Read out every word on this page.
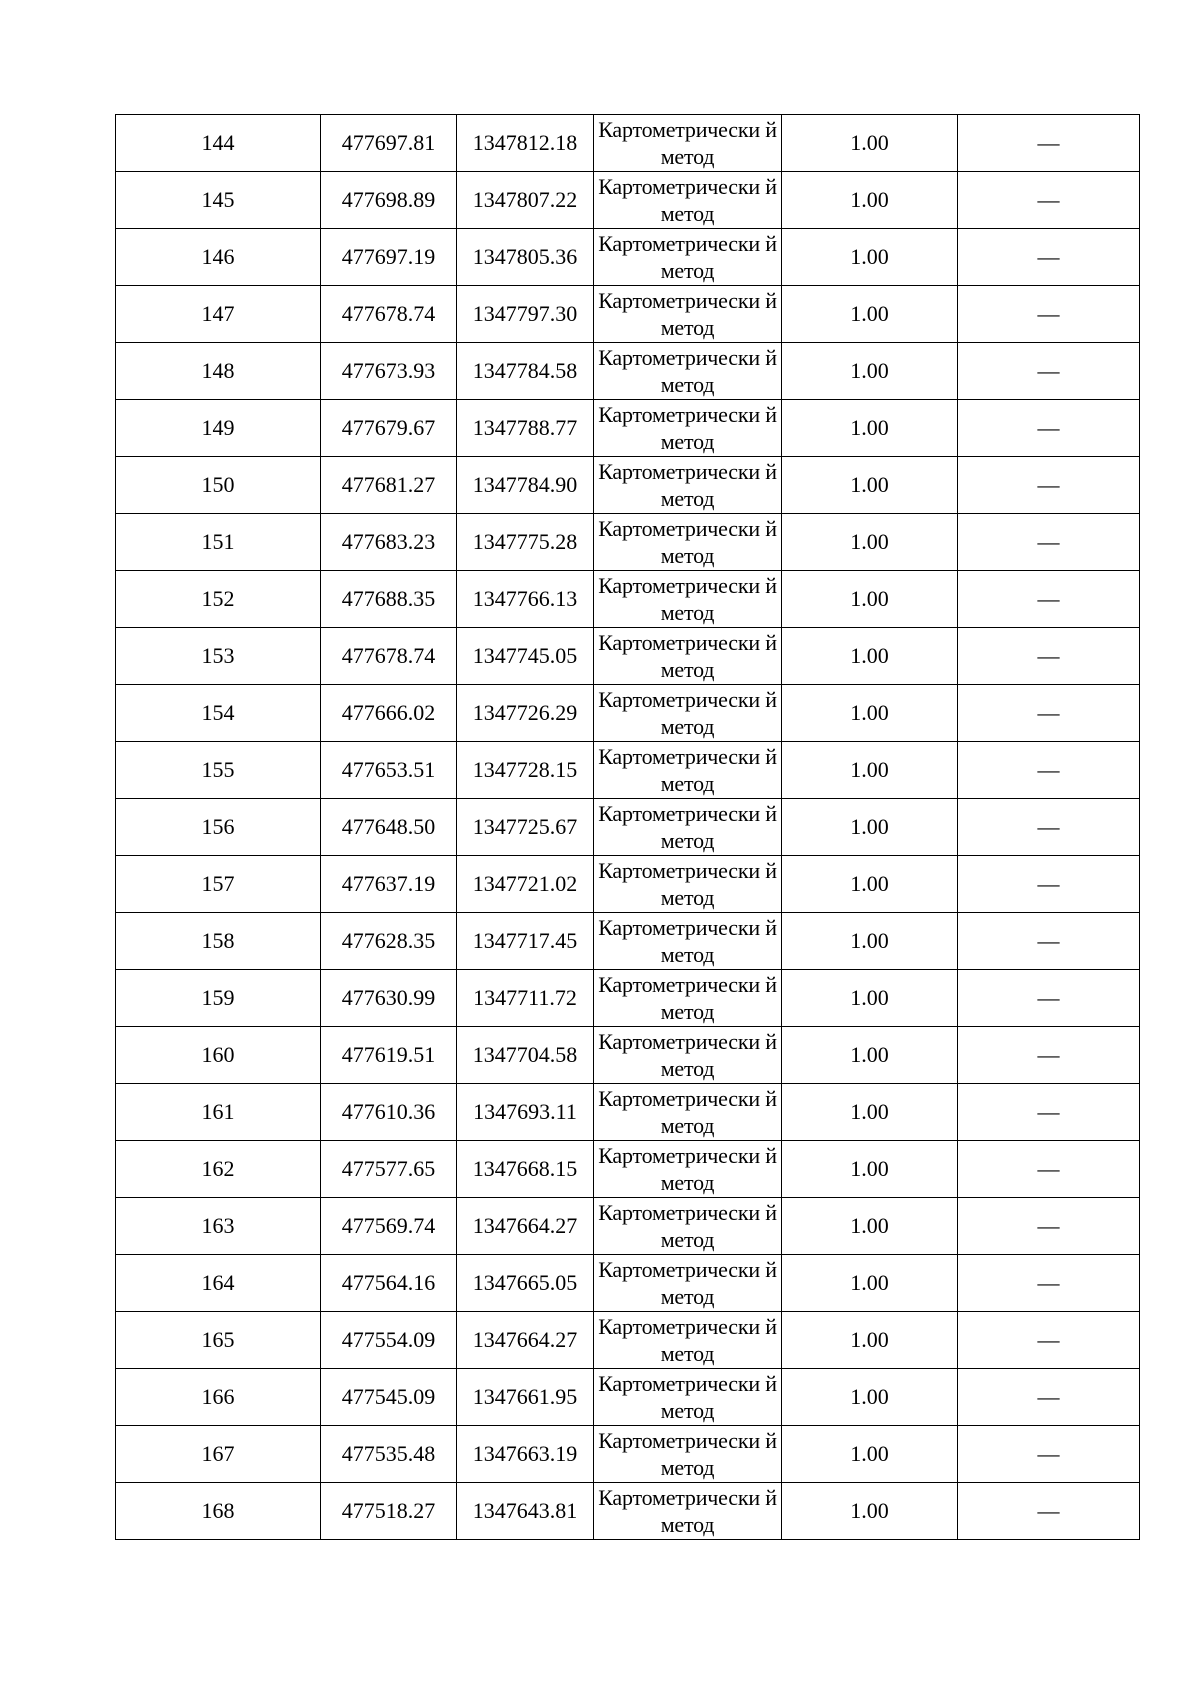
144	477697.81	1347812.18	Картометрически й метод	1.00	—
145	477698.89	1347807.22	Картометрически й метод	1.00	—
146	477697.19	1347805.36	Картометрически й метод	1.00	—
147	477678.74	1347797.30	Картометрически й метод	1.00	—
148	477673.93	1347784.58	Картометрически й метод	1.00	—
149	477679.67	1347788.77	Картометрически й метод	1.00	—
150	477681.27	1347784.90	Картометрически й метод	1.00	—
151	477683.23	1347775.28	Картометрически й метод	1.00	—
152	477688.35	1347766.13	Картометрически й метод	1.00	—
153	477678.74	1347745.05	Картометрически й метод	1.00	—
154	477666.02	1347726.29	Картометрически й метод	1.00	—
155	477653.51	1347728.15	Картометрически й метод	1.00	—
156	477648.50	1347725.67	Картометрически й метод	1.00	—
157	477637.19	1347721.02	Картометрически й метод	1.00	—
158	477628.35	1347717.45	Картометрически й метод	1.00	—
159	477630.99	1347711.72	Картометрически й метод	1.00	—
160	477619.51	1347704.58	Картометрически й метод	1.00	—
161	477610.36	1347693.11	Картометрически й метод	1.00	—
162	477577.65	1347668.15	Картометрически й метод	1.00	—
163	477569.74	1347664.27	Картометрически й метод	1.00	—
164	477564.16	1347665.05	Картометрически й метод	1.00	—
165	477554.09	1347664.27	Картометрически й метод	1.00	—
166	477545.09	1347661.95	Картометрически й метод	1.00	—
167	477535.48	1347663.19	Картометрически й метод	1.00	—
168	477518.27	1347643.81	Картометрически й метод	1.00	—
